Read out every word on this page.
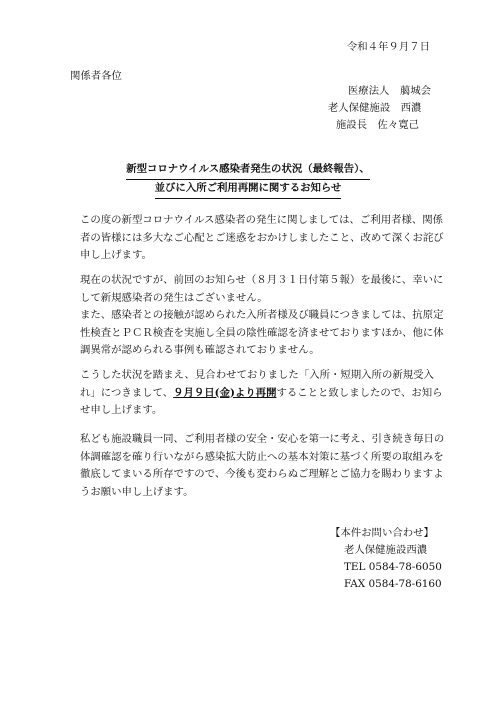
令和４年９月７日
関係者各位
医療法人　﨟城会
老人保健施設　西濃
施設長　佐々寛己
新型コロナウイルス感染者発生の状況（最終報告）、
並びに入所ご利用再開に関するお知らせ
この度の新型コロナウイルス感染者の発生に関しましては、ご利用者様、関係者の皆様には多大なご心配とご迷惑をおかけしましたこと、改めて深くお詫び申し上げます。
現在の状況ですが、前回のお知らせ（８月３１日付第５報）を最後に、幸いにして新規感染者の発生はございません。
また、感染者との接触が認められた入所者様及び職員につきましては、抗原定性検査とＰＣＲ検査を実施し全員の陰性確認を済ませておりますほか、他に体調異常が認められる事例も確認されておりません。
こうした状況を踏まえ、見合わせておりました「入所・短期入所の新規受入れ」につきまして、９月９日(金)より再開することと致しましたので、お知らせ申し上げます。
私ども施設職員一同、ご利用者様の安全・安心を第一に考え、引き続き毎日の体調確認を確り行いながら感染拡大防止への基本対策に基づく所要の取組みを徹底してまいる所存ですので、今後も変わらぬご理解とご協力を賜わりますようお願い申し上げます。
【本件お問い合わせ】
老人保健施設西濃
TEL 0584-78-6050
FAX 0584-78-6160
